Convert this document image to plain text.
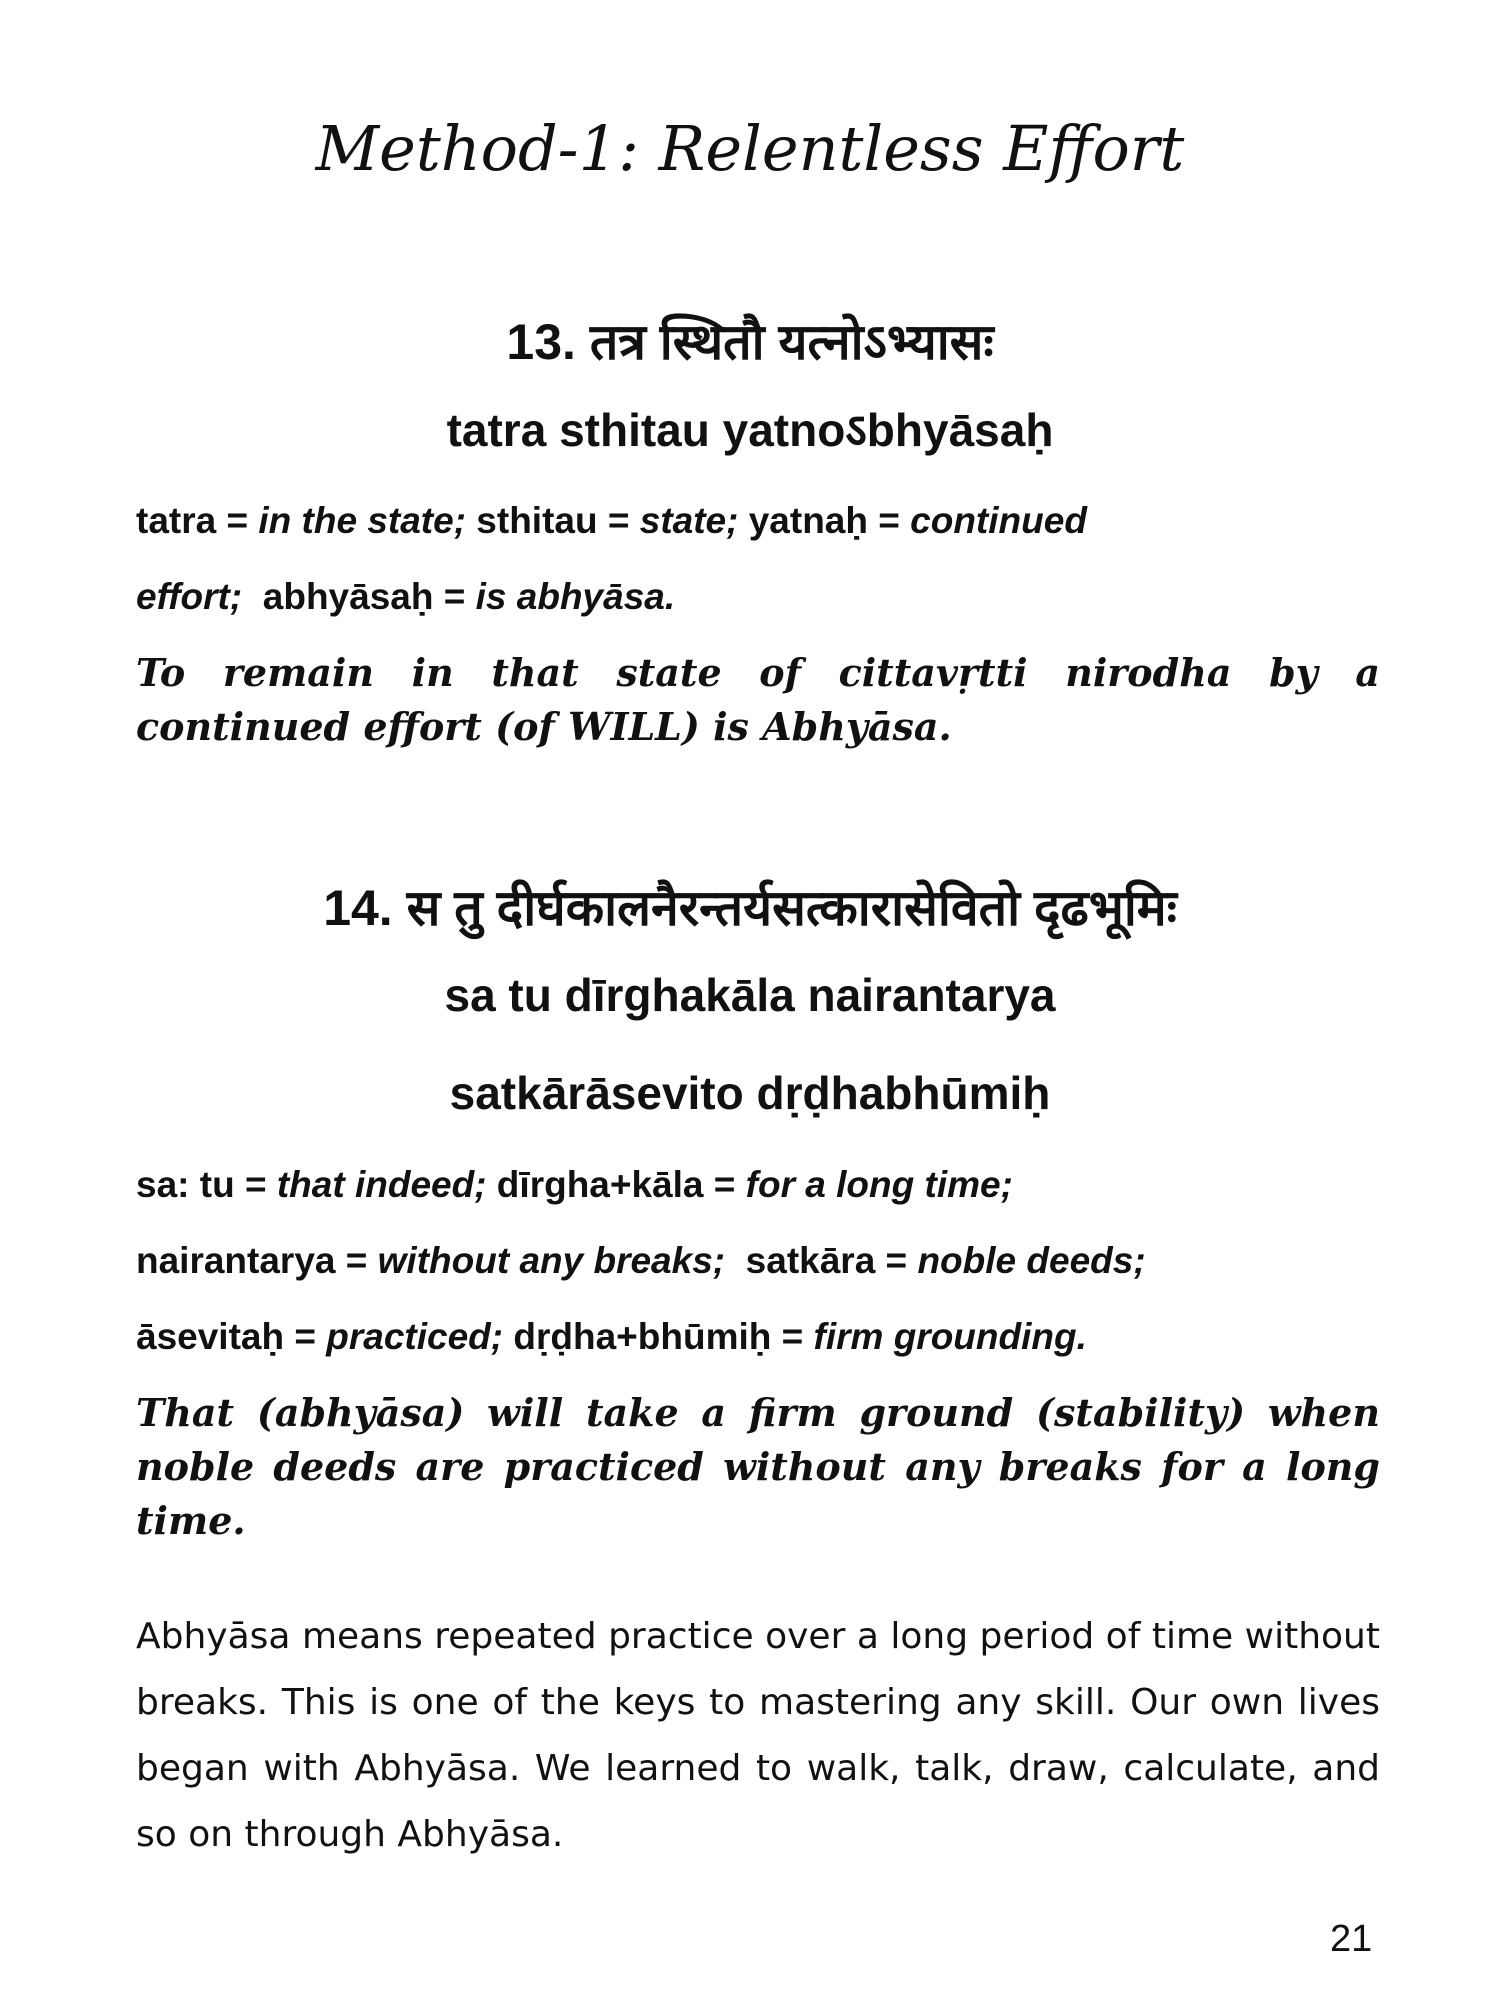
Method-1: Relentless Effort
13. तत्र स्थितौ यत्नोऽभ्यासः
tatra sthitau yatnoऽbhyāsaḥ
tatra = in the state; sthitau = state; yatnaḥ = continued
effort;  abhyāsaḥ = is abhyāsa.
To remain in that state of cittavṛtti nirodha by a continued effort (of WILL) is Abhyāsa.
14. स तु दीर्घकालनैरन्तर्यसत्कारासेवितो दृढभूमिः
sa tu dīrghakāla nairantarya
satkārāsevito dṛḍhabhūmiḥ
sa: tu = that indeed; dīrgha+kāla = for a long time;
nairantarya = without any breaks;  satkāra = noble deeds;
āsevitaḥ = practiced; dṛḍha+bhūmiḥ = firm grounding.
That (abhyāsa) will take a firm ground (stability) when noble deeds are practiced without any breaks for a long time.
Abhyāsa means repeated practice over a long period of time without breaks. This is one of the keys to mastering any skill. Our own lives began with Abhyāsa. We learned to walk, talk, draw, calculate, and so on through Abhyāsa.
21
